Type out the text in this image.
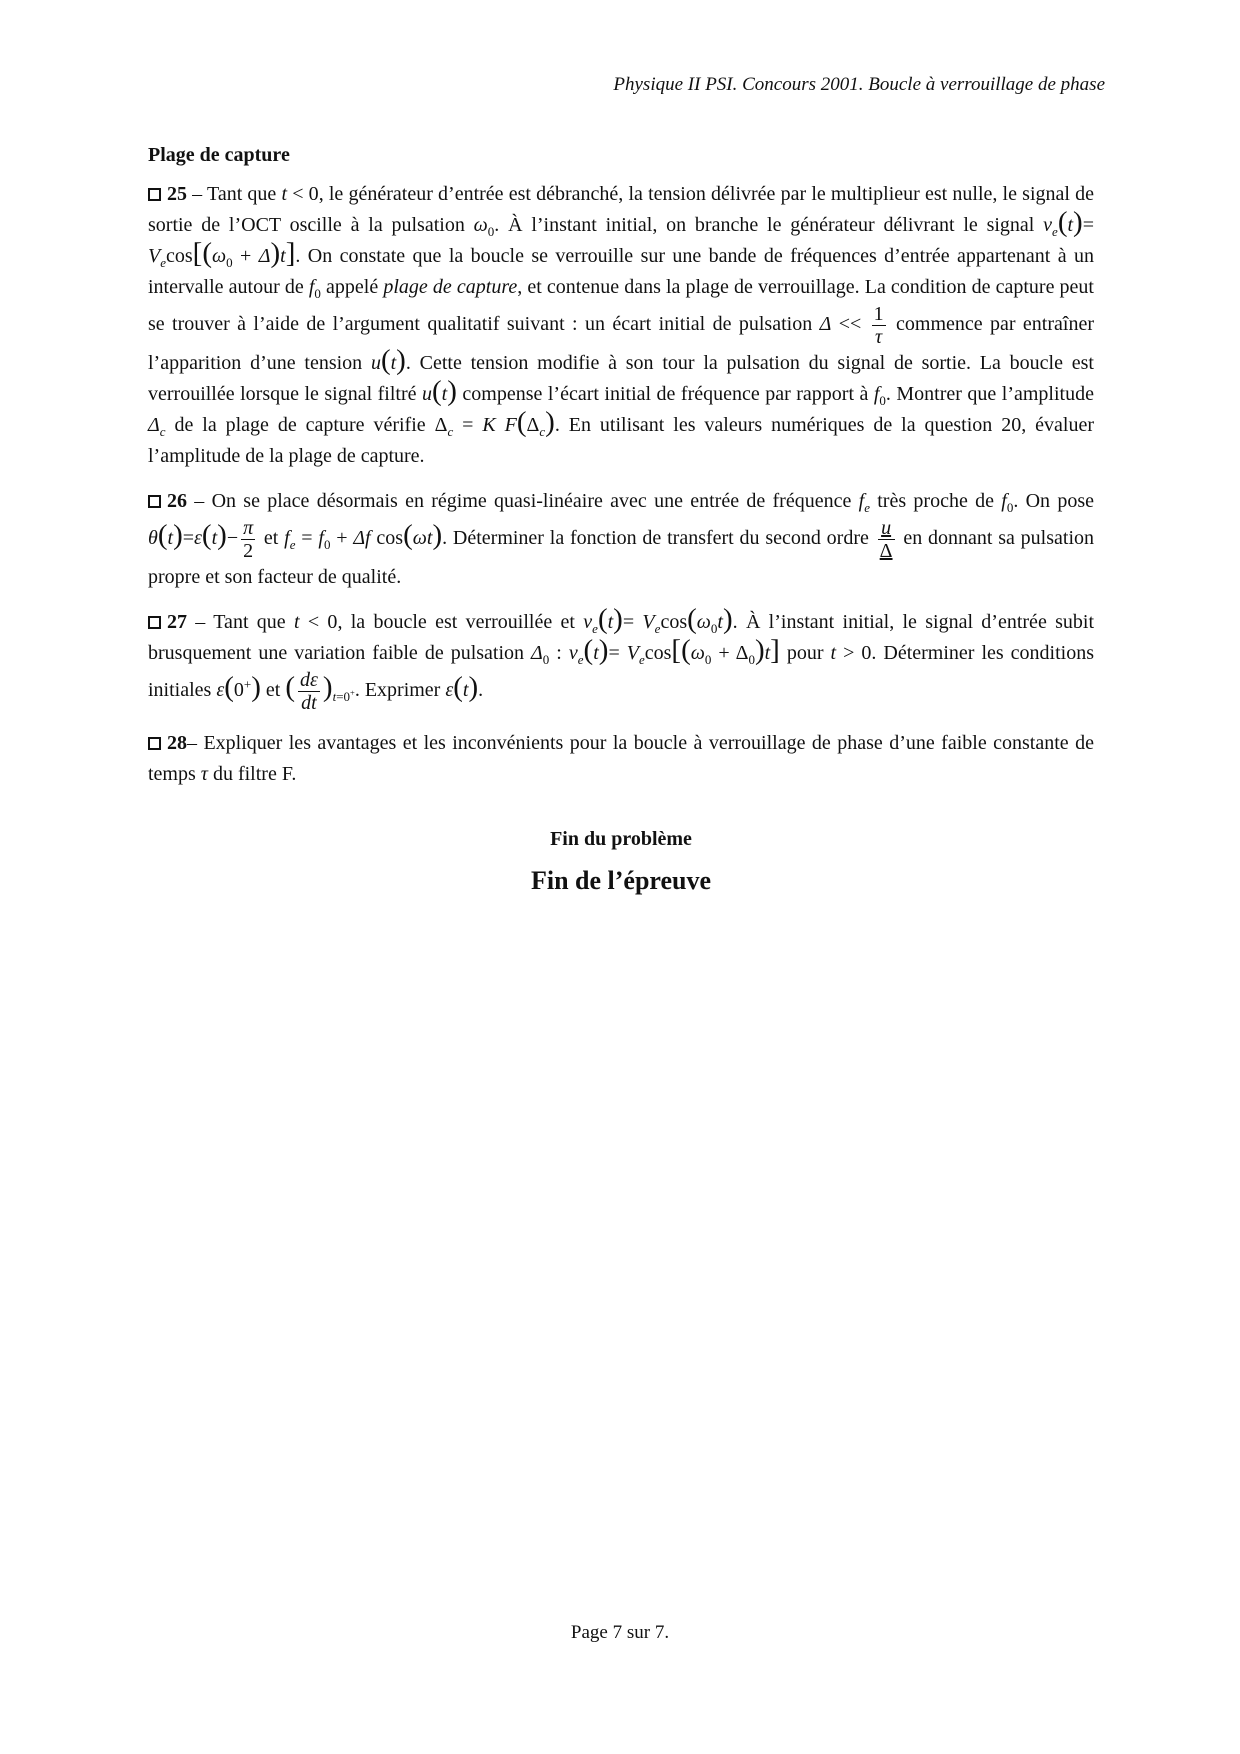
Physique II PSI. Concours 2001. Boucle à verrouillage de phase
Plage de capture

25 – Tant que t < 0, le générateur d’entrée est débranché, la tension délivrée par le multiplieur est nulle, le signal de sortie de l’OCT oscille à la pulsation $\omega_0$. À l’instant initial, on branche le générateur délivrant le signal $v_e(t)= V_e\cos[(\omega_0 + \Delta)t]$. On constate que la boucle se verrouille sur une bande de fréquences d’entrée appartenant à un intervalle autour de $f_0$ appelé plage de capture, et contenue dans la plage de verrouillage. La condition de capture peut se trouver à l’aide de l’argument qualitatif suivant : un écart initial de pulsation $\Delta << \frac{1}{\tau}$ commence par entraîner l’apparition d’une tension u(t). Cette tension modifie à son tour la pulsation du signal de sortie. La boucle est verrouillée lorsque le signal filtré u(t) compense l’écart initial de fréquence par rapport à $f_0$. Montrer que l’amplitude $\Delta_c$ de la plage de capture vérifie $\Delta_c = K$ $F(\Delta_c)$. En utilisant les valeurs numériques de la question 20, évaluer l’amplitude de la plage de capture.

26 – On se place désormais en régime quasi-linéaire avec une entrée de fréquence $f_e$ très proche de $f_0$. On pose $\theta(t)=\varepsilon(t)- \frac{\pi}{2}$ et $f_e = f_0 + \Delta f$ cos(ωt). Déterminer la fonction de transfert du second ordre $\frac{u}{\Delta}$ en donnant sa pulsation propre et son facteur de qualité.

27 – Tant que t < 0, la boucle est verrouillée et $v_e(t)= V_e\cos(\omega_0t)$. À l’instant initial, le signal d’entrée subit brusquement une variation faible de pulsation $\Delta_0$ : $v_e(t)= V_e\cos[(\omega_0 + \Delta_0)t]$ pour t > 0. Déterminer les conditions initiales ε(0+) et ( $\frac{d\varepsilon}{dt} )_{t=0^+}$. Exprimer ε(t).

28– Expliquer les avantages et les inconvénients pour la boucle à verrouillage de phase d’une faible constante de temps τ du filtre F.

Fin du problème
Fin de l’épreuve
Page 7 sur 7.
